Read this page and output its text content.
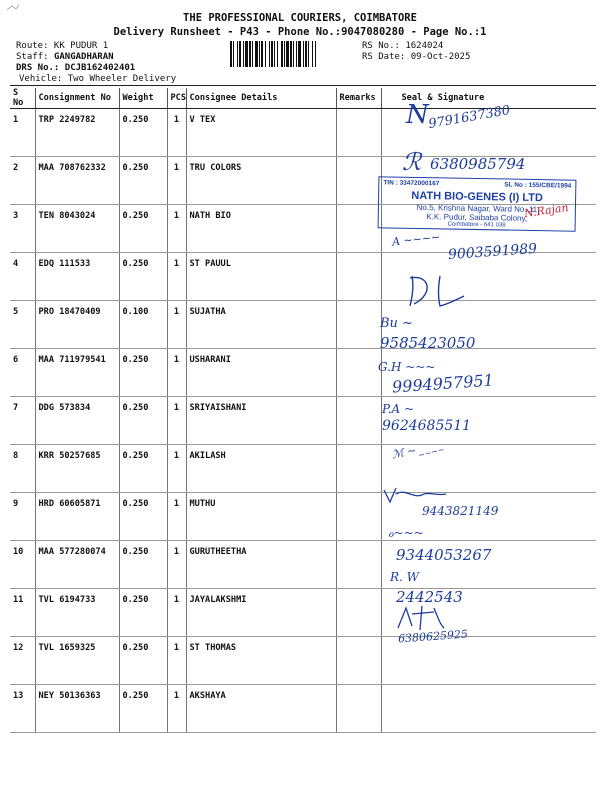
THE PROFESSIONAL COURIERS, COIMBATORE
Delivery Runsheet - P43 - Phone No.:9047080280 - Page No.:1
Route: KK PUDUR 1
Staff: GANGADHARAN
DRS No.: DCJB162402401
Vehicle: Two Wheeler Delivery
RS No.: 1624024
RS Date: 09-Oct-2025
S No	Consignment No	Weight	PCS	Consignee Details	Remarks	Seal & Signature
1	TRP 2249782	0.250	1	V TEX		
2	MAA 708762332	0.250	1	TRU COLORS		
3	TEN 8043024	0.250	1	NATH BIO		
4	EDQ 111533	0.250	1	ST PAUUL		
5	PRO 18470409	0.100	1	SUJATHA		
6	MAA 711979541	0.250	1	USHARANI		
7	DDG 573834	0.250	1	SRIYAISHANI		
8	KRR 50257685	0.250	1	AKILASH		
9	HRD 60605871	0.250	1	MUTHU		
10	MAA 577280074	0.250	1	GURUTHEETHA		
11	TVL 6194733	0.250	1	JAYALAKSHMI		
12	TVL 1659325	0.250	1	ST THOMAS		
13	NEY 50136363	0.250	1	AKSHAYA		
N
9791637380
ℛ 6380985794
A ~~~~
9003591989
Bu ~
9585423050
G.H ~~~
9994957951
P.A ~
9624685511
ℳ ~ ~~~~
9443821149
ℴ~~~
9344053267
R. W
2442543
6380625925
TIN : 33472000167	SL No : 155/CBE/1994
NATH BIO-GENES (I) LTD
No.5, Krishna Nagar, Ward No. 11
K.K. Pudur, Saibaba Colony,
Coimbatore - 641 038
N.Rajan
